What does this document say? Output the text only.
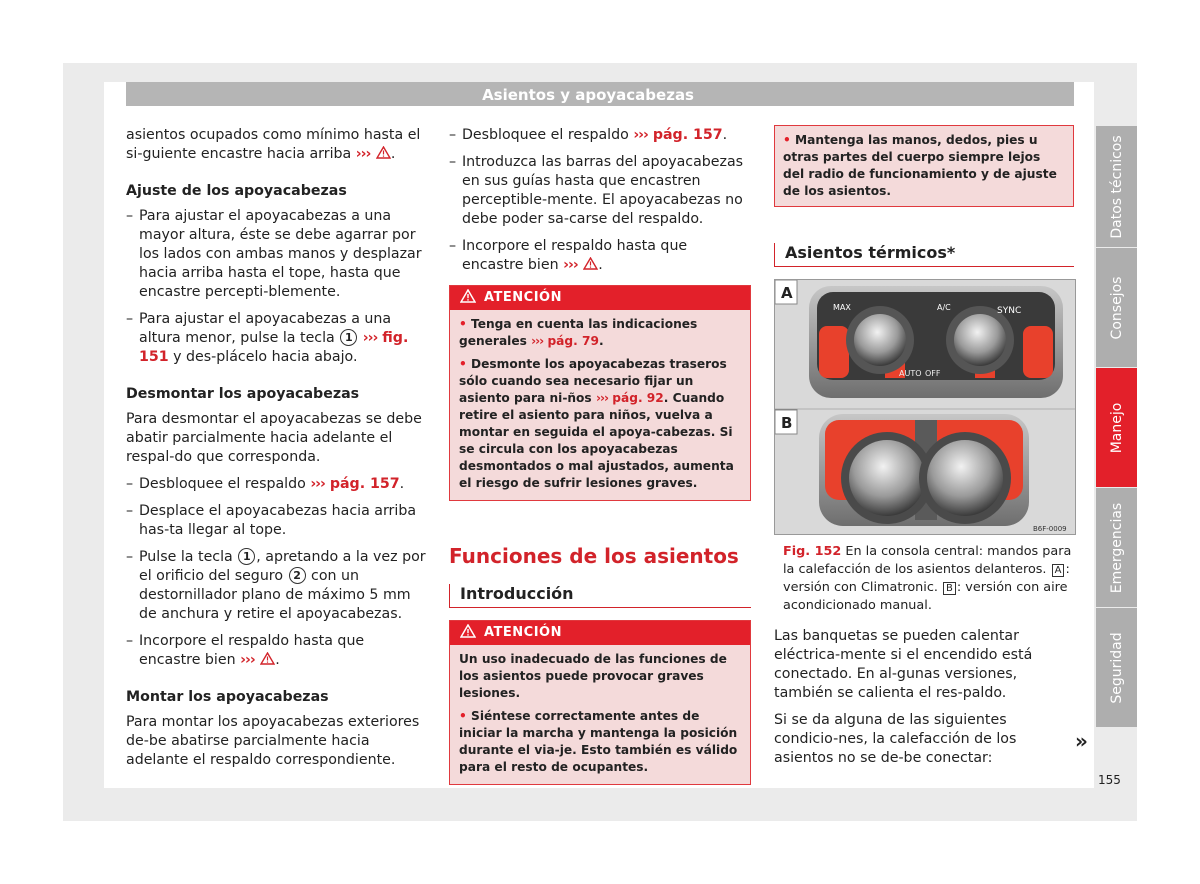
Asientos y apoyacabezas

asientos ocupados como mínimo hasta el si-guiente encastre hacia arriba ››› .

Ajuste de los apoyacabezas

– Para ajustar el apoyacabezas a una mayor altura, éste se debe agarrar por los lados con ambas manos y desplazar hacia arriba hasta el tope, hasta que encastre percepti-blemente.

– Para ajustar el apoyacabezas a una altura menor, pulse la tecla 1 ››› fig. 151 y des-plácelo hacia abajo.

Desmontar los apoyacabezas

Para desmontar el apoyacabezas se debe abatir parcialmente hacia adelante el respal-do que corresponda.

– Desbloquee el respaldo ››› pág. 157.

– Desplace el apoyacabezas hacia arriba has-ta llegar al tope.

– Pulse la tecla 1 , apretando a la vez por el orificio del seguro 2 con un destornillador plano de máximo 5 mm de anchura y retire el apoyacabezas.

– Incorpore el respaldo hasta que encastre bien ››› .

Montar los apoyacabezas

Para montar los apoyacabezas exteriores de-be abatirse parcialmente hacia adelante el respaldo correspondiente.

– Desbloquee el respaldo ››› pág. 157.

– Introduzca las barras del apoyacabezas en sus guías hasta que encastren perceptible-mente. El apoyacabezas no debe poder sa-carse del respaldo.

– Incorpore el respaldo hasta que encastre bien ››› .

ATENCIÓN

• Tenga en cuenta las indicaciones generales ››› pág. 79.

• Desmonte los apoyacabezas traseros sólo cuando sea necesario fijar un asiento para ni-ños ››› pág. 92. Cuando retire el asiento para niños, vuelva a montar en seguida el apoya-cabezas. Si se circula con los apoyacabezas desmontados o mal ajustados, aumenta el riesgo de sufrir lesiones graves.

Funciones de los asientos
Introducción
ATENCIÓN

Un uso inadecuado de las funciones de los asientos puede provocar graves lesiones.

• Siéntese correctamente antes de iniciar la marcha y mantenga la posición durante el via-je. Esto también es válido para el resto de ocupantes.

• Mantenga las manos, dedos, pies u otras partes del cuerpo siempre lejos del radio de funcionamiento y de ajuste de los asientos.
Asientos térmicos*
MAX	A/C	SYNC
AUTO OFF
A
B
B6F-0009
Fig. 152 En la consola central: mandos para la calefacción de los asientos delanteros. A : versión con Climatronic. B : versión con aire acondicionado manual.

Las banquetas se pueden calentar eléctrica-mente si el encendido está conectado. En al-gunas versiones, también se calienta el res-paldo.

Si se da alguna de las siguientes condicio-nes, la calefacción de los asientos no se de-be conectar:

»
Datos técnicos
Consejos
Manejo
Emergencias
Seguridad
155
